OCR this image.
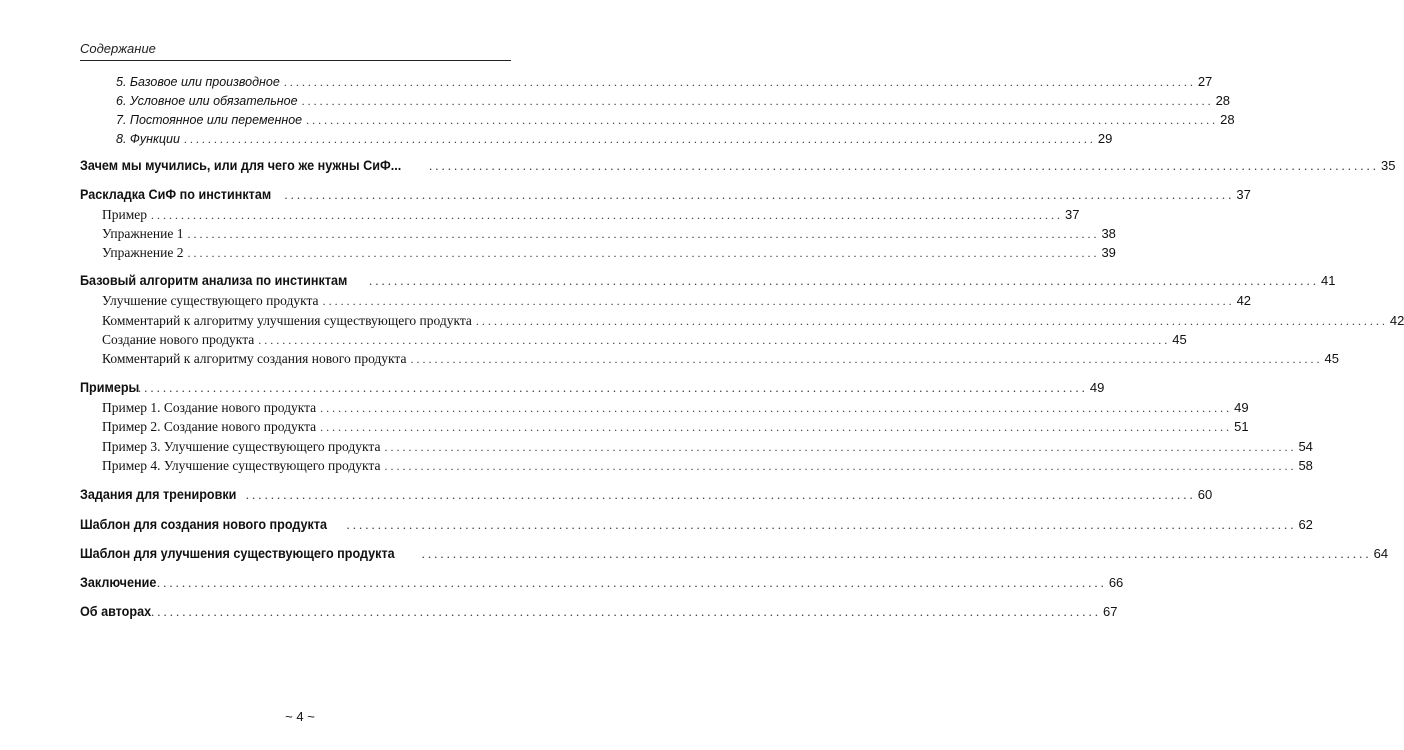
Содержание
5. Базовое или производное ........................................................................................................................................................ 27
6. Условное или обязательное ........................................................................................................................................................ 28
7. Постоянное или переменное ........................................................................................................................................................ 28
8. Функции ........................................................................................................................................................ 29
Зачем мы мучились, или для чего же нужны СиФ... ........................................................................................................................................................ 35
Раскладка СиФ по инстинктам ........................................................................................................................................................ 37
Пример ........................................................................................................................................................ 37
Упражнение 1 ........................................................................................................................................................ 38
Упражнение 2 ........................................................................................................................................................ 39
Базовый алгоритм анализа по инстинктам ........................................................................................................................................................ 41
Улучшение существующего продукта ........................................................................................................................................................ 42
Комментарий к алгоритму улучшения существующего продукта ........................................................................................................................................................ 42
Создание нового продукта ........................................................................................................................................................ 45
Комментарий к алгоритму создания нового продукта ........................................................................................................................................................ 45
Примеры
........................................................................................................................................................ 49
Пример 1. Создание нового продукта ........................................................................................................................................................ 49
Пример 2. Создание нового продукта ........................................................................................................................................................ 51
Пример 3. Улучшение существующего продукта ........................................................................................................................................................ 54
Пример 4. Улучшение существующего продукта ........................................................................................................................................................ 58
Задания для тренировки ........................................................................................................................................................ 60
Шаблон для создания нового продукта ........................................................................................................................................................ 62
Шаблон для улучшения существующего продукта ........................................................................................................................................................ 64
Заключение ........................................................................................................................................................ 66
Об авторах ........................................................................................................................................................ 67
~ 4 ~
